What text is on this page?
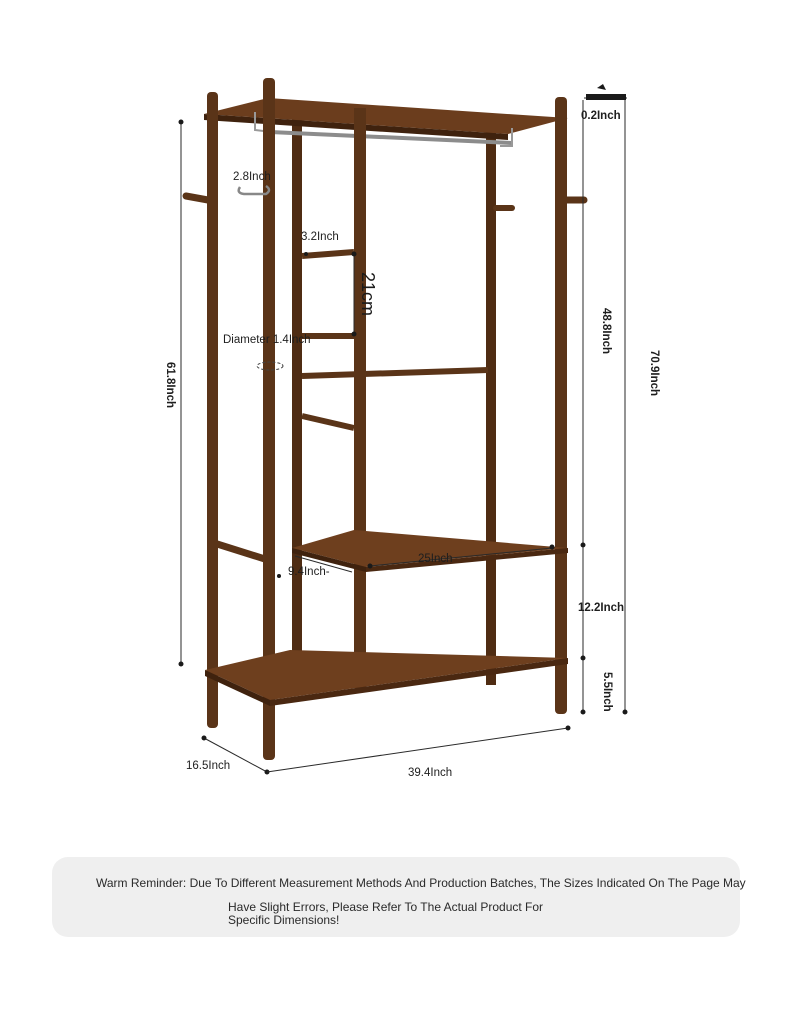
0.2Inch
2.8Inch
3.2Inch
21cm
Diameter 1.4Inch
61.8Inch
48.8Inch
70.9Inch
9.4Inch-
25Inch
12.2Inch
5.5Inch
16.5Inch
39.4Inch
Warm Reminder: Due To Different Measurement Methods And Production Batches, The Sizes Indicated On The Page May
Have Slight Errors, Please Refer To The Actual Product For
Specific Dimensions!
